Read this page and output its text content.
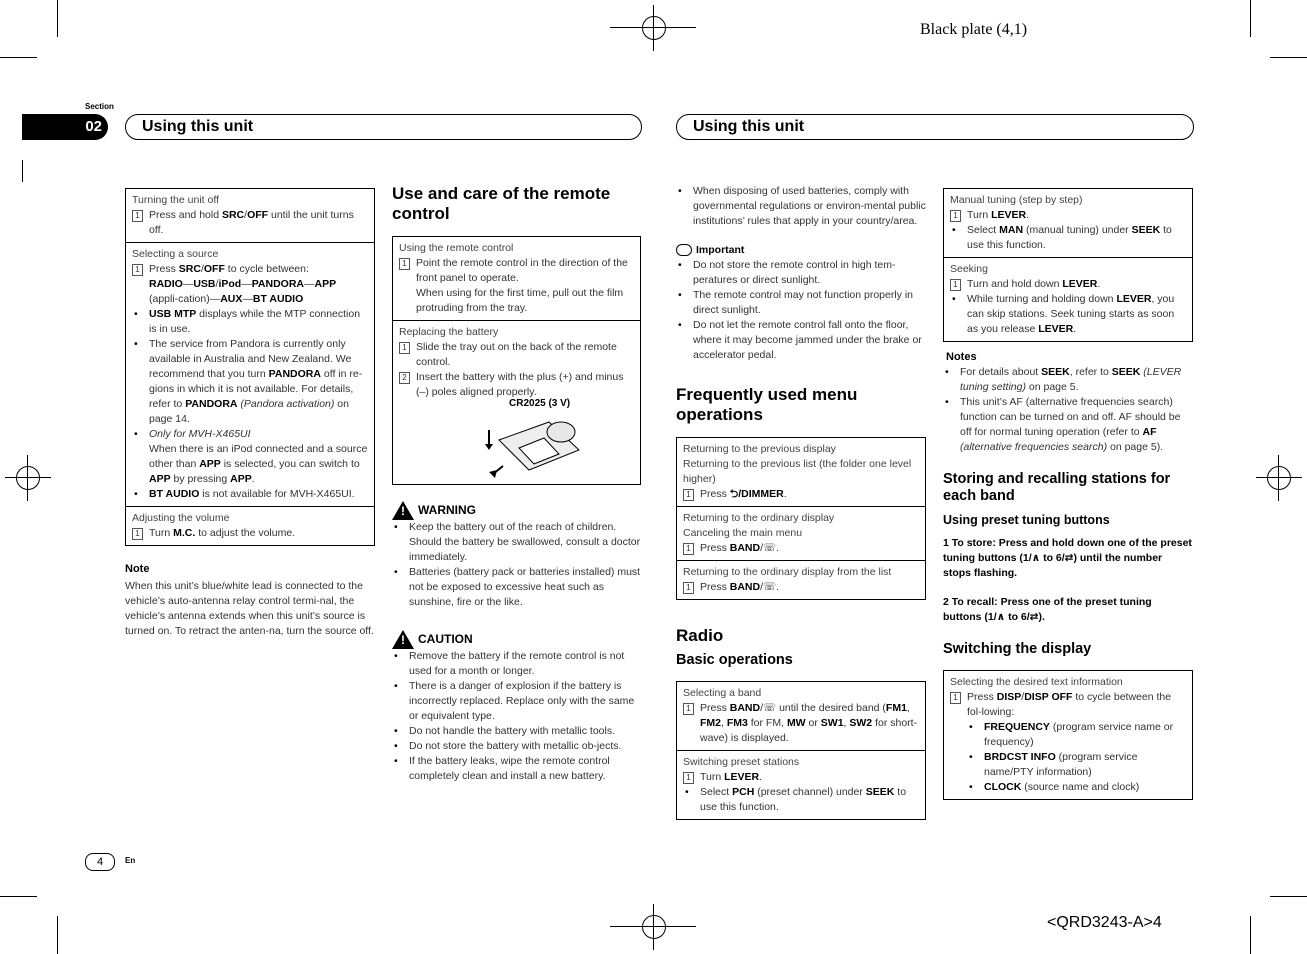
Black plate (4,1)
<QRD3243-A>4
Section
02	Using this unit	Using this unit
Turning the unit off
1 Press and hold SRC/OFF until the unit turns off.
Selecting a source
1 Press SRC/OFF to cycle between:
RADIO—USB/iPod—PANDORA—APP (appli-cation)—AUX—BT AUDIO
• USB MTP displays while the MTP connection is in use.
• The service from Pandora is currently only available in Australia and New Zealand. We recommend that you turn PANDORA off in re-gions in which it is not available. For details, refer to PANDORA (Pandora activation) on page 14.
• Only for MVH-X465UI
When there is an iPod connected and a source other than APP is selected, you can switch to APP by pressing APP.
• BT AUDIO is not available for MVH-X465UI.
Adjusting the volume
1 Turn M.C. to adjust the volume.
Note
When this unit’s blue/white lead is connected to the vehicle’s auto-antenna relay control termi-nal, the vehicle’s antenna extends when this unit’s source is turned on. To retract the anten-na, turn the source off.
Use and care of the remote control
Using the remote control
1 Point the remote control in the direction of the front panel to operate.
When using for the first time, pull out the film protruding from the tray.
Replacing the battery
1 Slide the tray out on the back of the remote control.
2 Insert the battery with the plus (+) and minus (–) poles aligned properly.
CR2025 (3 V)
! WARNING
• Keep the battery out of the reach of children. Should the battery be swallowed, consult a doctor immediately.
• Batteries (battery pack or batteries installed) must not be exposed to excessive heat such as sunshine, fire or the like.
! CAUTION
• Remove the battery if the remote control is not used for a month or longer.
• There is a danger of explosion if the battery is incorrectly replaced. Replace only with the same or equivalent type.
• Do not handle the battery with metallic tools.
• Do not store the battery with metallic ob-jects.
• If the battery leaks, wipe the remote control completely clean and install a new battery.
• When disposing of used batteries, comply with governmental regulations or environ-mental public institutions’ rules that apply in your country/area.
Important
• Do not store the remote control in high tem-peratures or direct sunlight.
• The remote control may not function properly in direct sunlight.
• Do not let the remote control fall onto the floor, where it may become jammed under the brake or accelerator pedal.
Frequently used menu operations
Returning to the previous display
Returning to the previous list (the folder one level higher)
1 Press ⮌/DIMMER.
Returning to the ordinary display
Canceling the main menu
1 Press BAND/☏.
Returning to the ordinary display from the list
1 Press BAND/☏.
Radio
Basic operations
Selecting a band
1 Press BAND/☏ until the desired band (FM1, FM2, FM3 for FM, MW or SW1, SW2 for short-wave) is displayed.
Switching preset stations
1 Turn LEVER.
• Select PCH (preset channel) under SEEK to use this function.
Manual tuning (step by step)
1 Turn LEVER.
• Select MAN (manual tuning) under SEEK to use this function.
Seeking
1 Turn and hold down LEVER.
• While turning and holding down LEVER, you can skip stations. Seek tuning starts as soon as you release LEVER.
Notes
• For details about SEEK, refer to SEEK (LEVER tuning setting) on page 5.
• This unit’s AF (alternative frequencies search) function can be turned on and off. AF should be off for normal tuning operation (refer to AF (alternative frequencies search) on page 5).
Storing and recalling stations for each band
Using preset tuning buttons
1 To store: Press and hold down one of the preset tuning buttons (1/∧ to 6/⇄) until the number stops flashing.
2 To recall: Press one of the preset tuning buttons (1/∧ to 6/⇄).
Switching the display
Selecting the desired text information
1 Press DISP/DISP OFF to cycle between the fol-lowing:
• FREQUENCY (program service name or frequency)
• BRDCST INFO (program service name/PTY information)
• CLOCK (source name and clock)
4	En
